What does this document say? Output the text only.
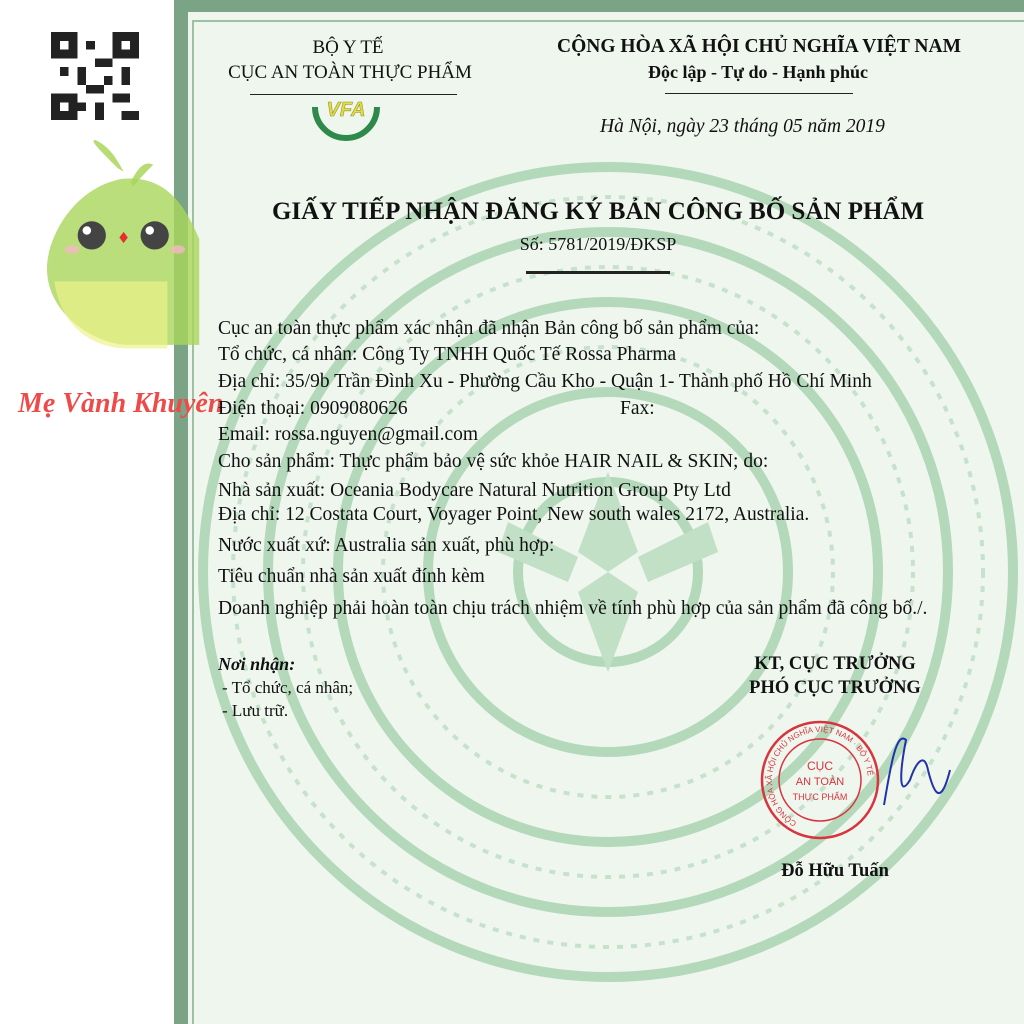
Mẹ Vành Khuyên
BỘ Y TẾ
CỤC AN TOÀN THỰC PHẨM
VFA
CỘNG HÒA XÃ HỘI CHỦ NGHĨA VIỆT NAM
Độc lập - Tự do - Hạnh phúc
Hà Nội, ngày 23 tháng 05 năm 2019
GIẤY TIẾP NHẬN ĐĂNG KÝ BẢN CÔNG BỐ SẢN PHẨM
Số: 5781/2019/ĐKSP
Cục an toàn thực phẩm xác nhận đã nhận Bản công bố sản phẩm của:
Tổ chức, cá nhân: Công Ty TNHH Quốc Tế Rossa Pharma
Địa chỉ: 35/9b Trần Đình Xu - Phường Cầu Kho - Quận 1- Thành phố Hồ Chí Minh
Điện thoại: 0909080626	Fax:
Email: rossa.nguyen@gmail.com
Cho sản phẩm: Thực phẩm bảo vệ sức khỏe HAIR NAIL & SKIN; do:
Nhà sản xuất: Oceania Bodycare Natural Nutrition Group Pty Ltd
Địa chỉ: 12 Costata Court, Voyager Point, New south wales 2172, Australia.
Nước xuất xứ: Australia sản xuất, phù hợp:
Tiêu chuẩn nhà sản xuất đính kèm
Doanh nghiệp phải hoàn toàn chịu trách nhiệm về tính phù hợp của sản phẩm đã công bố./.
Nơi nhận:
- Tổ chức, cá nhân;
- Lưu trữ.
KT, CỤC TRƯỞNG
PHÓ CỤC TRƯỞNG
CỘNG HÒA XÃ HỘI CHỦ NGHĨA VIỆT NAM · BỘ Y TẾ
CỤC
AN TOÀN
THỰC PHẨM
Đỗ Hữu Tuấn
